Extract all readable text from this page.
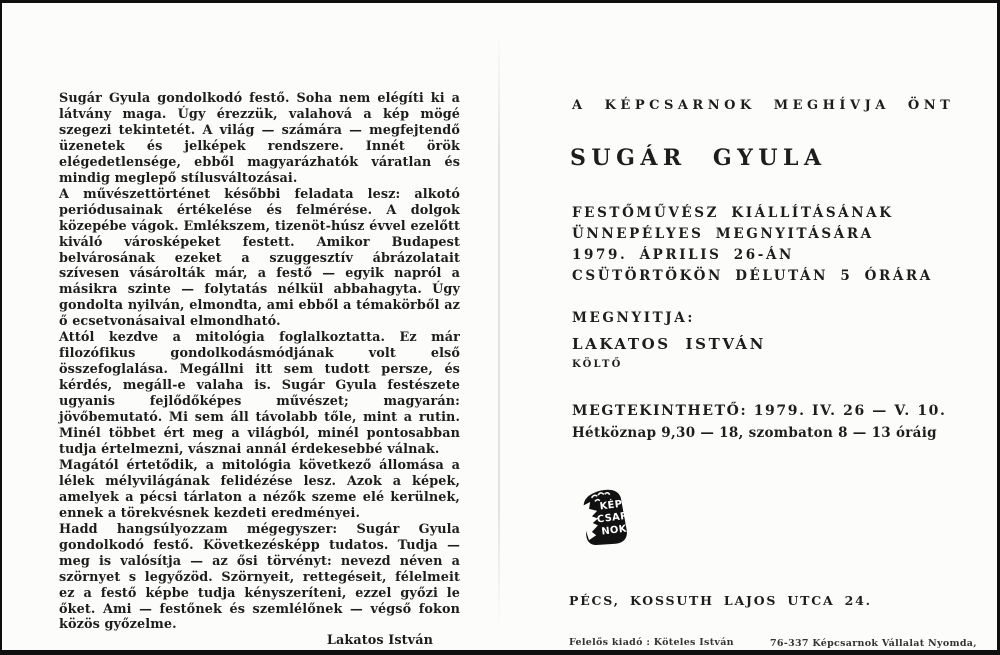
Sugár Gyula gondolkodó festő. Soha nem elégíti ki a látvány maga. Úgy érezzük, valahová a kép mögé szegezi tekintetét. A világ — számára — megfejtendő üzenetek és jelképek rendszere. Innét örök elégedetlensége, ebből magyarázhatók váratlan és mindig meglepő stílusváltozásai.

A művészettörténet későbbi feladata lesz: alkotó periódusainak értékelése és felmérése. A dolgok közepébe vágok. Emlékszem, tizenöt-húsz évvel ezelőtt kiváló városképeket festett. Amikor Budapest belvárosának ezeket a szuggesztív ábrázolatait szívesen vásárolták már, a festő — egyik napról a másikra szinte — folytatás nélkül abbahagyta. Úgy gondolta nyilván, elmondta, ami ebből a témakörből az ő ecsetvonásaival elmondható.

Attól kezdve a mitológia foglalkoztatta. Ez már filozófikus gondolkodásmódjának volt első összefoglalása. Megállni itt sem tudott persze, és kérdés, megáll-e valaha is. Sugár Gyula festészete ugyanis fejlődőképes művészet; magyarán: jövőbemutató. Mi sem áll távolabb tőle, mint a rutin. Minél többet ért meg a világból, minél pontosabban tudja értelmezni, vásznai annál érdekesebbé válnak.

Magától értetődik, a mitológia következő állomása a lélek mélyvilágának felidézése lesz. Azok a képek, amelyek a pécsi tárlaton a nézők szeme elé kerülnek, ennek a törekvésnek kezdeti eredményei.

Hadd hangsúlyozzam mégegyszer: Sugár Gyula gondolkodó festő. Következésképp tudatos. Tudja — meg is valósítja — az ősi törvényt: nevezd néven a szörnyet s legyőzöd. Szörnyeit, rettegéseit, félelmeit ez a festő képbe tudja kényszeríteni, ezzel győzi le őket. Ami — festőnek és szemlélőnek — végső fokon közös győzelme.

Lakatos István

A KÉPCSARNOK MEGHÍVJA ÖNT
SUGÁR GYULA
FESTŐMŰVÉSZ KIÁLLÍTÁSÁNAK
ÜNNEPÉLYES MEGNYITÁSÁRA
1979. ÁPRILIS 26-ÁN
CSÜTÖRTÖKÖN DÉLUTÁN 5 ÓRÁRA
MEGNYITJA:
LAKATOS ISTVÁN
KÖLTŐ
MEGTEKINTHETŐ: 1979. IV. 26 — V. 10.
Hétköznap 9,30 — 18, szombaton 8 — 13 óráig
KÉP
CSAR
NOK
PÉCS, KOSSUTH LAJOS UTCA 24.
Felelős kiadó : Köteles István	76-337 Képcsarnok Vállalat Nyomda, Dorog
